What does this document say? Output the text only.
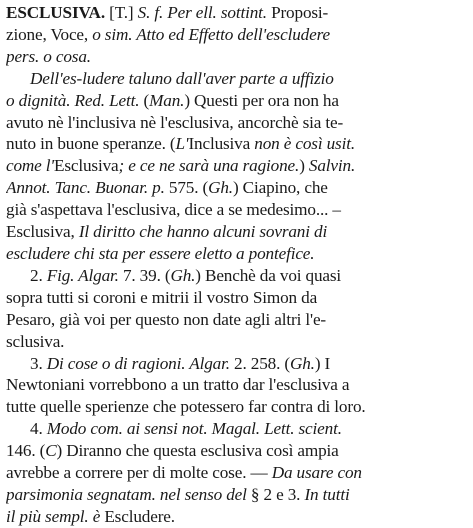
ESCLUSIVA. [T.] S. f. Per ell. sottint. Proposi-
zione, Voce, o sim. Atto ed Effetto dell'escludere
pers. o cosa.
Dell'es-ludere taluno dall'aver parte a uffizio
o dignità. Red. Lett. (Man.) Questi per ora non ha
avuto nè l'inclusiva nè l'esclusiva, ancorchè sia te-
nuto in buone speranze. (L'Inclusiva non è così usit.
come l'Esclusiva; e ce ne sarà una ragione.) Salvin.
Annot. Tanc. Buonar. p. 575. (Gh.) Ciapino, che
già s'aspettava l'esclusiva, dice a se medesimo... –
Esclusiva, Il diritto che hanno alcuni sovrani di
escludere chi sta per essere eletto a pontefice.
2. Fig. Algar. 7. 39. (Gh.) Benchè da voi quasi
sopra tutti si coroni e mitrii il vostro Simon da
Pesaro, già voi per questo non date agli altri l'e-
sclusiva.
3. Di cose o di ragioni. Algar. 2. 258. (Gh.) I
Newtoniani vorrebbono a un tratto dar l'esclusiva a
tutte quelle sperienze che potessero far contra di loro.
4. Modo com. ai sensi not. Magal. Lett. scient.
146. (C) Diranno che questa esclusiva così ampia
avrebbe a correre per di molte cose. — Da usare con
parsimonia segnatam. nel senso del § 2 e 3. In tutti
il più sempl. è Escludere.
